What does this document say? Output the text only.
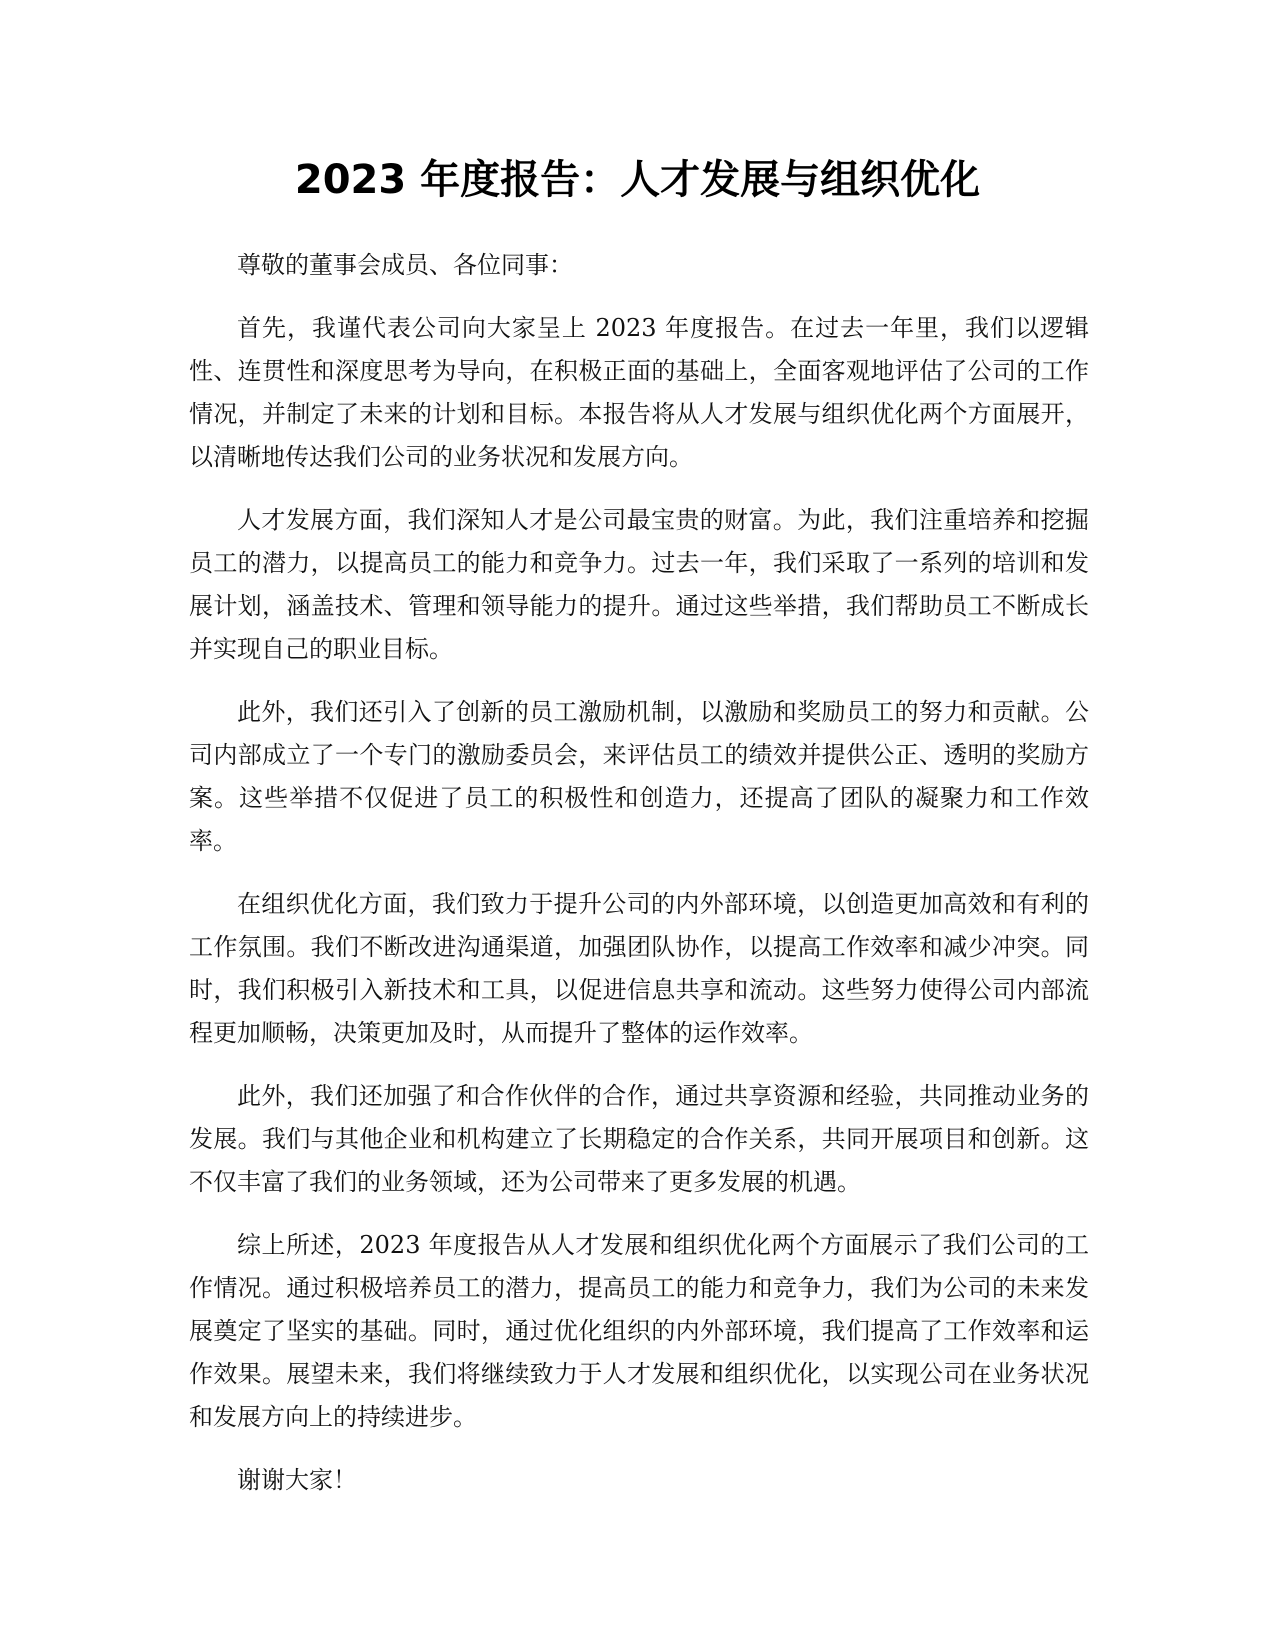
2023 年度报告：人才发展与组织优化

尊敬的董事会成员、各位同事：

首先，我谨代表公司向大家呈上 2023 年度报告。在过去一年里，我们以逻辑性、连贯性和深度思考为导向，在积极正面的基础上，全面客观地评估了公司的工作情况，并制定了未来的计划和目标。本报告将从人才发展与组织优化两个方面展开，以清晰地传达我们公司的业务状况和发展方向。

人才发展方面，我们深知人才是公司最宝贵的财富。为此，我们注重培养和挖掘员工的潜力，以提高员工的能力和竞争力。过去一年，我们采取了一系列的培训和发展计划，涵盖技术、管理和领导能力的提升。通过这些举措，我们帮助员工不断成长并实现自己的职业目标。

此外，我们还引入了创新的员工激励机制，以激励和奖励员工的努力和贡献。公司内部成立了一个专门的激励委员会，来评估员工的绩效并提供公正、透明的奖励方案。这些举措不仅促进了员工的积极性和创造力，还提高了团队的凝聚力和工作效率。

在组织优化方面，我们致力于提升公司的内外部环境，以创造更加高效和有利的工作氛围。我们不断改进沟通渠道，加强团队协作，以提高工作效率和减少冲突。同时，我们积极引入新技术和工具，以促进信息共享和流动。这些努力使得公司内部流程更加顺畅，决策更加及时，从而提升了整体的运作效率。

此外，我们还加强了和合作伙伴的合作，通过共享资源和经验，共同推动业务的发展。我们与其他企业和机构建立了长期稳定的合作关系，共同开展项目和创新。这不仅丰富了我们的业务领域，还为公司带来了更多发展的机遇。

综上所述，2023 年度报告从人才发展和组织优化两个方面展示了我们公司的工作情况。通过积极培养员工的潜力，提高员工的能力和竞争力，我们为公司的未来发展奠定了坚实的基础。同时，通过优化组织的内外部环境，我们提高了工作效率和运作效果。展望未来，我们将继续致力于人才发展和组织优化，以实现公司在业务状况和发展方向上的持续进步。

谢谢大家！
